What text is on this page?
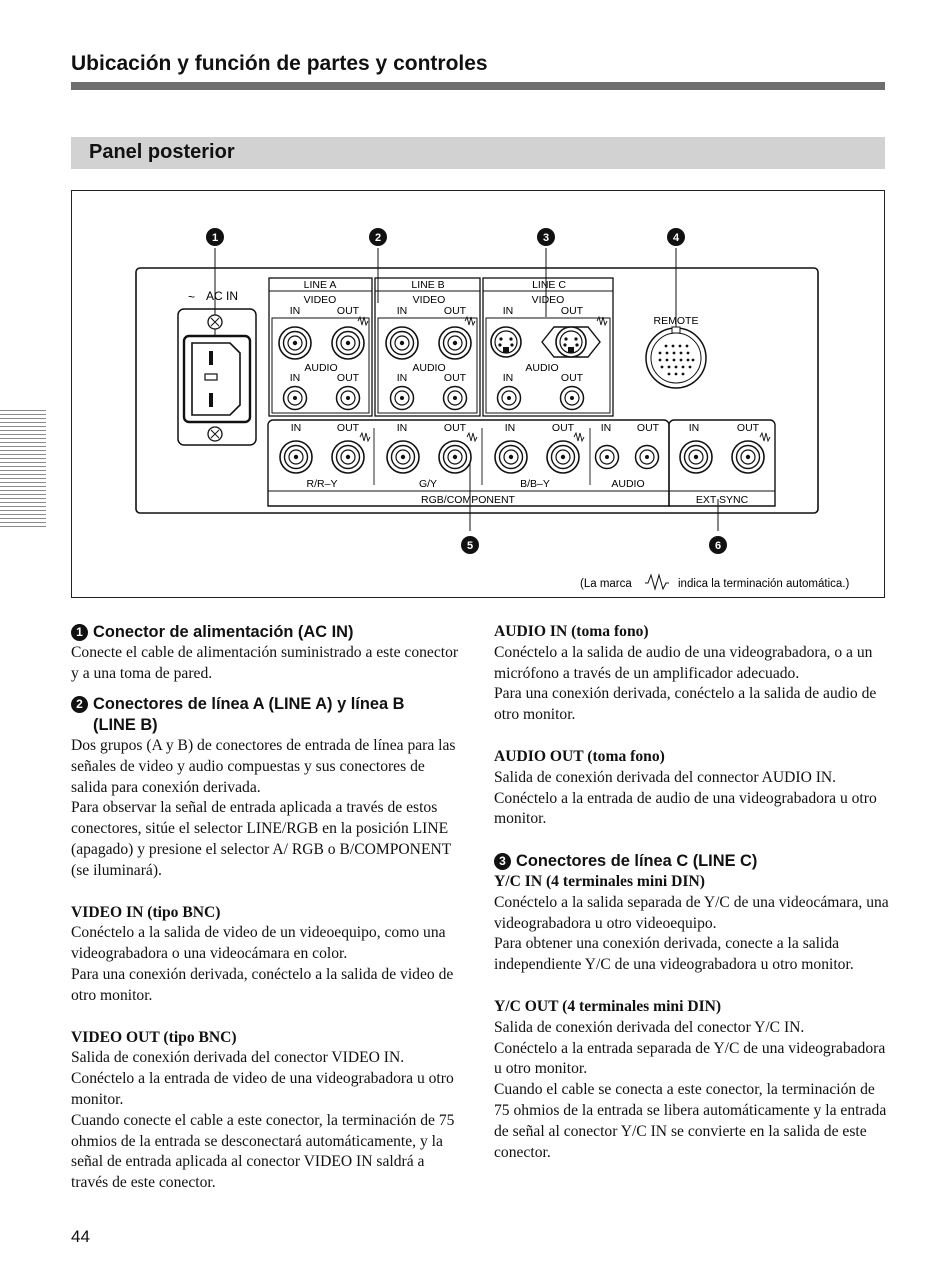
Ubicación y función de partes y controles
Panel posterior
1	2	3	4
5	6
~ AC IN
LINE A
VIDEO
IN	OUT
AUDIO
IN	OUT
LINE B
VIDEO
IN	OUT
AUDIO
IN	OUT
LINE C
VIDEO
IN	OUT
AUDIO
IN	OUT
REMOTE
RGB/COMPONENT
IN	OUT
R/R–Y
IN	OUT
G/Y
IN	OUT
B/B–Y
IN OUT
AUDIO
EXT SYNC
IN	OUT
(La marca	indica la terminación automática.)
1 Conector de alimentación (AC IN)
Conecte el cable de alimentación suministrado a este conector y a una toma de pared.
2 Conectores de línea A (LINE A) y línea B
(LINE B)
Dos grupos (A y B) de conectores de entrada de línea para las señales de video y audio compuestas y sus conectores de salida para conexión derivada.
Para observar la señal de entrada aplicada a través de estos conectores, sitúe el selector LINE/RGB en la posición LINE (apagado) y presione el selector A/ RGB o B/COMPONENT (se iluminará).
VIDEO IN (tipo BNC)
Conéctelo a la salida de video de un videoequipo, como una videograbadora o una videocámara en color.
Para una conexión derivada, conéctelo a la salida de video de otro monitor.
VIDEO OUT (tipo BNC)
Salida de conexión derivada del conector VIDEO IN.
Conéctelo a la entrada de video de una videograbadora u otro monitor.
Cuando conecte el cable a este conector, la terminación de 75 ohmios de la entrada se desconectará automáticamente, y la señal de entrada aplicada al conector VIDEO IN saldrá a través de este conector.
AUDIO IN (toma fono)
Conéctelo a la salida de audio de una videograbadora, o a un micrófono a través de un amplificador adecuado.
Para una conexión derivada, conéctelo a la salida de audio de otro monitor.
AUDIO OUT (toma fono)
Salida de conexión derivada del connector AUDIO IN.
Conéctelo a la entrada de audio de una videograbadora u otro monitor.
3 Conectores de línea C (LINE C)
Y/C IN (4 terminales mini DIN)
Conéctelo a la salida separada de Y/C de una videocámara, una videograbadora u otro videoequipo.
Para obtener una conexión derivada, conecte a la salida independiente Y/C de una videograbadora u otro monitor.
Y/C OUT (4 terminales mini DIN)
Salida de conexión derivada del conector Y/C IN.
Conéctelo a la entrada separada de Y/C de una videograbadora u otro monitor.
Cuando el cable se conecta a este conector, la terminación de 75 ohmios de la entrada se libera automáticamente y la entrada de señal al conector Y/C IN se convierte en la salida de este conector.
44
